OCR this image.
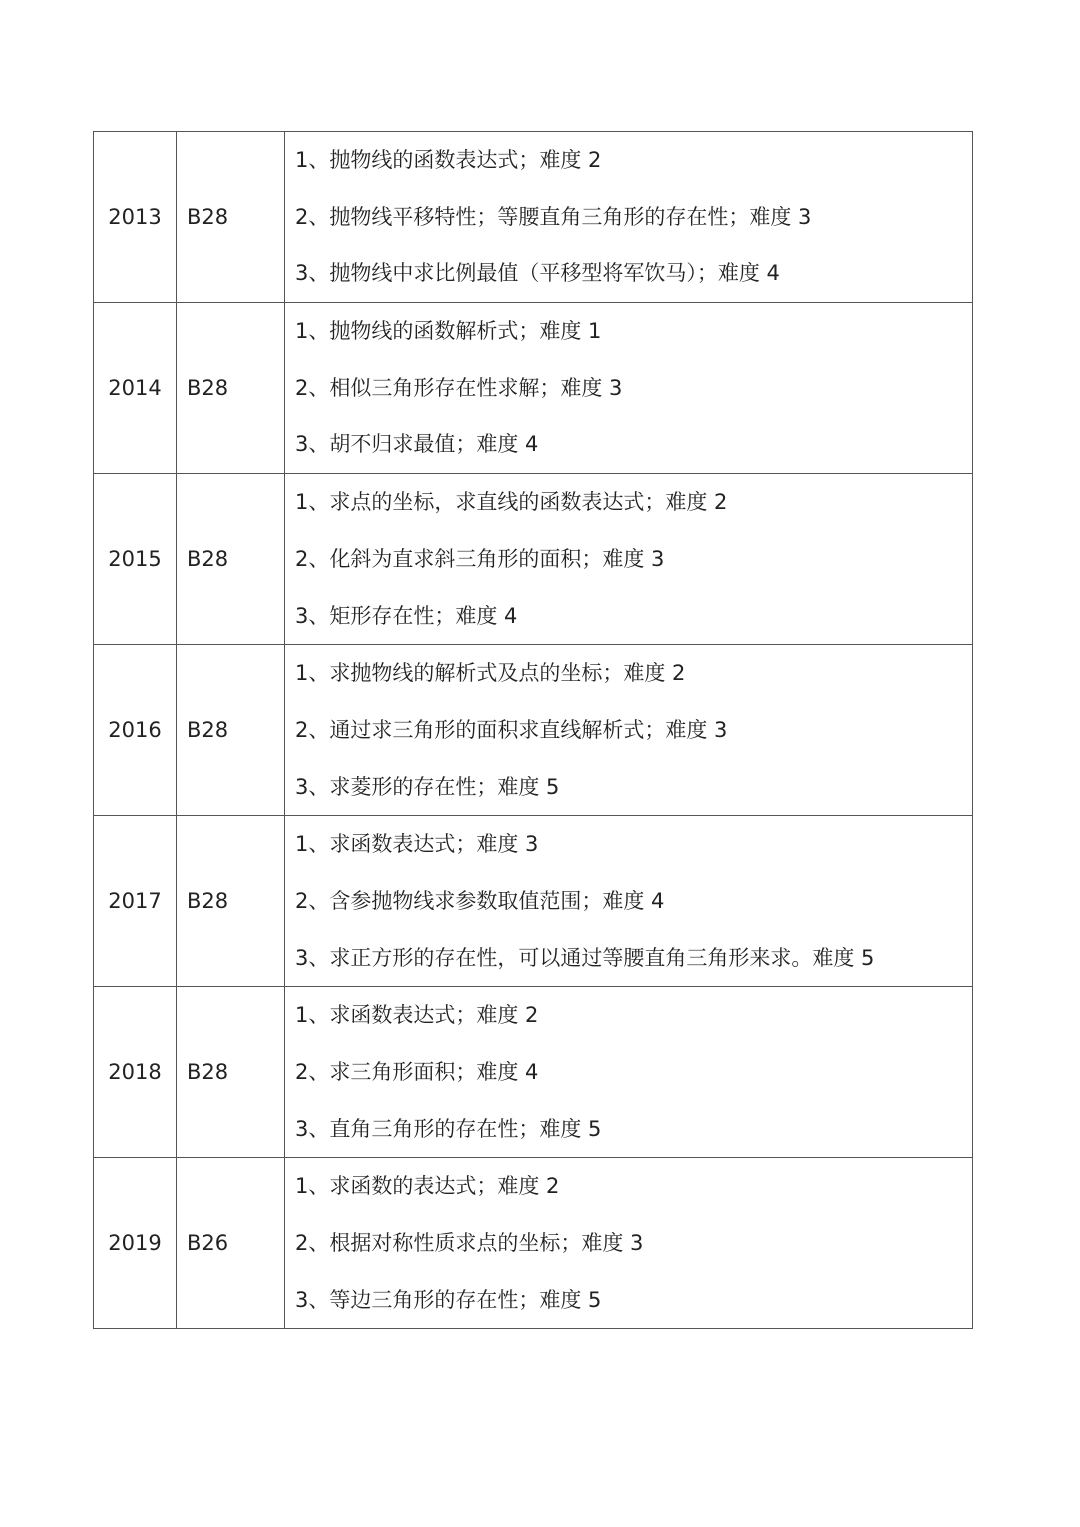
2013	B28	1、抛物线的函数表达式；难度 2
2、抛物线平移特性；等腰直角三角形的存在性；难度 3
3、抛物线中求比例最值（平移型将军饮马）；难度 4

2014	B28	1、抛物线的函数解析式；难度 1
2、相似三角形存在性求解；难度 3
3、胡不归求最值；难度 4

2015	B28	1、求点的坐标，求直线的函数表达式；难度 2
2、化斜为直求斜三角形的面积；难度 3
3、矩形存在性；难度 4

2016	B28	1、求抛物线的解析式及点的坐标；难度 2
2、通过求三角形的面积求直线解析式；难度 3
3、求菱形的存在性；难度 5

2017	B28	1、求函数表达式；难度 3
2、含参抛物线求参数取值范围；难度 4
3、求正方形的存在性，可以通过等腰直角三角形来求。难度 5

2018	B28	1、求函数表达式；难度 2
2、求三角形面积；难度 4
3、直角三角形的存在性；难度 5

2019	B26	1、求函数的表达式；难度 2
2、根据对称性质求点的坐标；难度 3
3、等边三角形的存在性；难度 5
